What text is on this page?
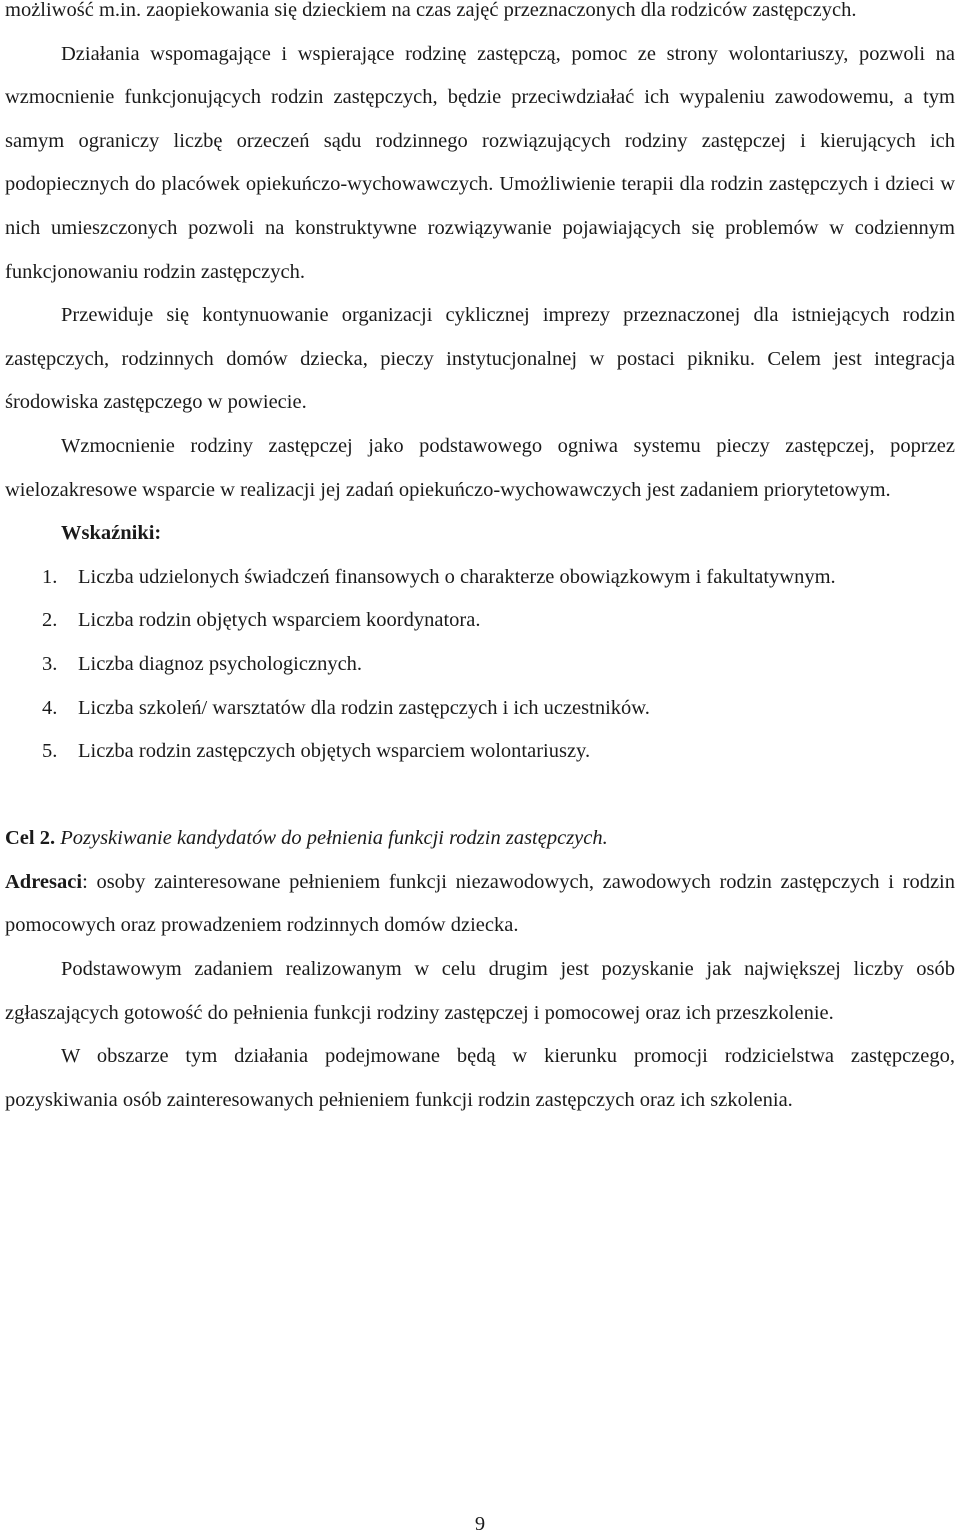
możliwość m.in. zaopiekowania się dzieckiem na czas zajęć przeznaczonych dla rodziców zastępczych.

Działania wspomagające i wspierające rodzinę zastępczą, pomoc ze strony wolontariuszy, pozwoli na wzmocnienie funkcjonujących rodzin zastępczych, będzie przeciwdziałać ich wypaleniu zawodowemu, a tym samym ograniczy liczbę orzeczeń sądu rodzinnego rozwiązujących rodziny zastępczej i kierujących ich podopiecznych do placówek opiekuńczo-wychowawczych. Umożliwienie terapii dla rodzin zastępczych i dzieci w nich umieszczonych pozwoli na konstruktywne rozwiązywanie pojawiających się problemów w codziennym funkcjonowaniu rodzin zastępczych.

Przewiduje się kontynuowanie organizacji cyklicznej imprezy przeznaczonej dla istniejących rodzin zastępczych, rodzinnych domów dziecka, pieczy instytucjonalnej w postaci pikniku. Celem jest integracja środowiska zastępczego w powiecie.

Wzmocnienie rodziny zastępczej jako podstawowego ogniwa systemu pieczy zastępczej, poprzez wielozakresowe wsparcie w realizacji jej zadań opiekuńczo-wychowawczych jest zadaniem priorytetowym.

Wskaźniki:

1. Liczba udzielonych świadczeń finansowych o charakterze obowiązkowym i fakultatywnym.
2. Liczba rodzin objętych wsparciem koordynatora.
3. Liczba diagnoz psychologicznych.
4. Liczba szkoleń/ warsztatów dla rodzin zastępczych i ich uczestników.
5. Liczba rodzin zastępczych objętych wsparciem wolontariuszy.

Cel 2. Pozyskiwanie kandydatów do pełnienia funkcji rodzin zastępczych.

Adresaci: osoby zainteresowane pełnieniem funkcji niezawodowych, zawodowych rodzin zastępczych i rodzin pomocowych oraz prowadzeniem rodzinnych domów dziecka.

Podstawowym zadaniem realizowanym w celu drugim jest pozyskanie jak największej liczby osób zgłaszających gotowość do pełnienia funkcji rodziny zastępczej i pomocowej oraz ich przeszkolenie.

W obszarze tym działania podejmowane będą w kierunku promocji rodzicielstwa zastępczego, pozyskiwania osób zainteresowanych pełnieniem funkcji rodzin zastępczych oraz ich szkolenia.

9
